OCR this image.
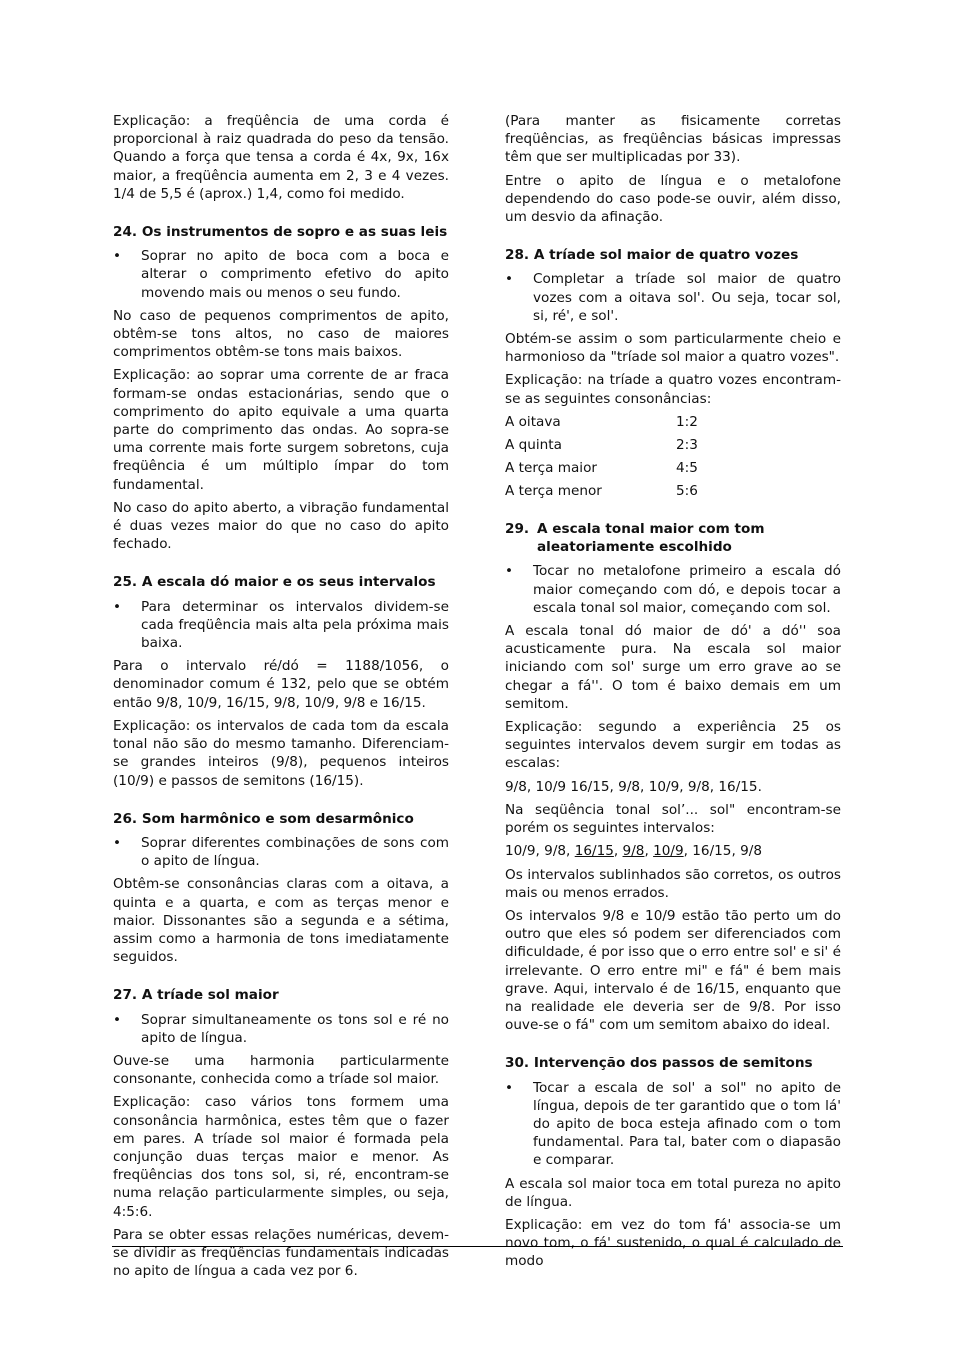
Explicação: a freqüência de uma corda é proporcional à raiz quadrada do peso da tensão. Quando a força que tensa a corda é 4x, 9x, 16x maior, a freqüência aumenta em 2, 3 e 4 vezes. 1/4 de 5,5 é (aprox.) 1,4, como foi medido.

24. Os instrumentos de sopro e as suas leis
• Soprar no apito de boca com a boca e alterar o comprimento efetivo do apito movendo mais ou menos o seu fundo.

No caso de pequenos comprimentos de apito, obtêm-se tons altos, no caso de maiores comprimentos obtêm-se tons mais baixos.

Explicação: ao soprar uma corrente de ar fraca formam-se ondas estacionárias, sendo que o comprimento do apito equivale a uma quarta parte do comprimento das ondas. Ao sopra-se uma corrente mais forte surgem sobretons, cuja freqüência é um múltiplo ímpar do tom fundamental.

No caso do apito aberto, a vibração fundamental é duas vezes maior do que no caso do apito fechado.

25. A escala dó maior e os seus intervalos
• Para determinar os intervalos dividem-se cada freqüência mais alta pela próxima mais baixa.

Para o intervalo ré/dó = 1188/1056, o denominador comum é 132, pelo que se obtém então 9/8, 10/9, 16/15, 9/8, 10/9, 9/8 e 16/15.

Explicação: os intervalos de cada tom da escala tonal não são do mesmo tamanho. Diferenciam-se grandes inteiros (9/8), pequenos inteiros (10/9) e passos de semitons (16/15).

26. Som harmônico e som desarmônico
• Soprar diferentes combinações de sons com o apito de língua.

Obtêm-se consonâncias claras com a oitava, a quinta e a quarta, e com as terças menor e maior. Dissonantes são a segunda e a sétima, assim como a harmonia de tons imediatamente seguidos.

27. A tríade sol maior
• Soprar simultaneamente os tons sol e ré no apito de língua.

Ouve-se uma harmonia particularmente consonante, conhecida como a tríade sol maior.

Explicação: caso vários tons formem uma consonância harmônica, estes têm que o fazer em pares. A tríade sol maior é formada pela conjunção duas terças maior e menor. As freqüências dos tons sol, si, ré, encontram-se numa relação particularmente simples, ou seja, 4:5:6.

Para se obter essas relações numéricas, devem-se dividir as freqüências fundamentais indicadas no apito de língua a cada vez por 6.

(Para manter as fisicamente corretas freqüências, as freqüências básicas impressas têm que ser multiplicadas por 33).

Entre o apito de língua e o metalofone dependendo do caso pode-se ouvir, além disso, um desvio da afinação.

28. A tríade sol maior de quatro vozes
• Completar a tríade sol maior de quatro vozes com a oitava sol'. Ou seja, tocar sol, si, ré', e sol'.

Obtém-se assim o som particularmente cheio e harmonioso da "tríade sol maior a quatro vozes".

Explicação: na tríade a quatro vozes encontram-se as seguintes consonâncias:

A oitava	1:2
A quinta	2:3
A terça maior	4:5
A terça menor	5:6
29. A escala tonal maior com tom aleatoriamente escolhido
• Tocar no metalofone primeiro a escala dó maior começando com dó, e depois tocar a escala tonal sol maior, começando com sol.

A escala tonal dó maior de dó' a dó'' soa acusticamente pura. Na escala sol maior iniciando com sol' surge um erro grave ao se chegar a fá''. O tom é baixo demais em um semitom.

Explicação: segundo a experiência 25 os seguintes intervalos devem surgir em todas as escalas:

9/8, 10/9 16/15, 9/8, 10/9, 9/8, 16/15.

Na seqüência tonal sol’... sol" encontram-se porém os seguintes intervalos:

10/9, 9/8, 16/15, 9/8, 10/9, 16/15, 9/8

Os intervalos sublinhados são corretos, os outros mais ou menos errados.

Os intervalos 9/8 e 10/9 estão tão perto um do outro que eles só podem ser diferenciados com dificuldade, é por isso que o erro entre sol' e si' é irrelevante. O erro entre mi" e fá" é bem mais grave. Aqui, intervalo é de 16/15, enquanto que na realidade ele deveria ser de 9/8. Por isso ouve-se o fá" com um semitom abaixo do ideal.

30. Intervenção dos passos de semitons
• Tocar a escala de sol' a sol" no apito de língua, depois de ter garantido que o tom lá' do apito de boca esteja afinado com o tom fundamental. Para tal, bater com o diapasão e comparar.

A escala sol maior toca em total pureza no apito de língua.

Explicação: em vez do tom fá' associa-se um novo tom, o fá' sustenido, o qual é calculado de modo
